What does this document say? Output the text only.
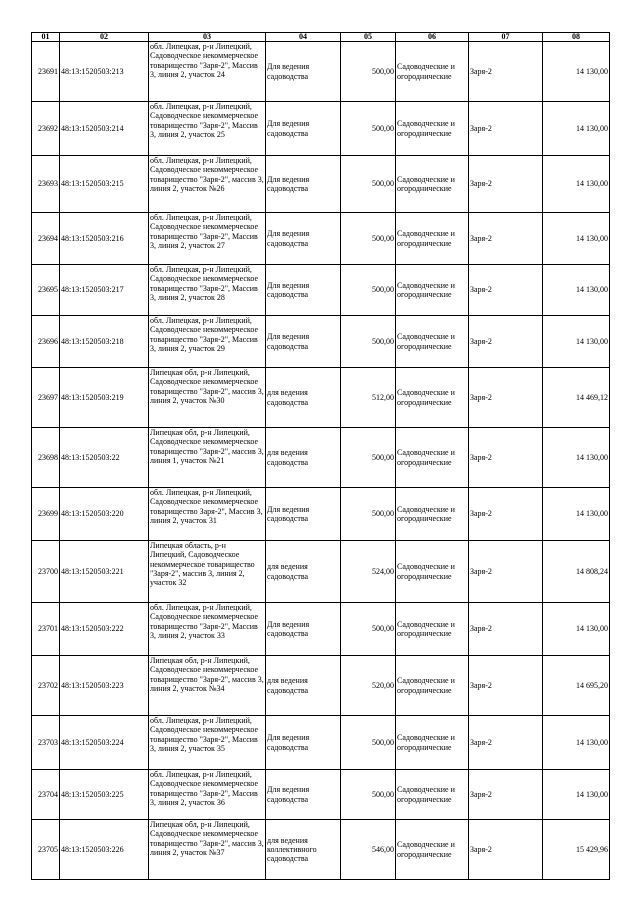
01	02	03	04	05	06	07	08
23691	48:13:1520503:213	обл. Липецкая, р-н Липецкий, Садоводческое некоммерческое товарищество "Заря-2", Массив 3, линия 2, участок 24	Для ведения садоводства	500,00	Садоводческие и огороднические	Заря-2	14 130,00
23692	48:13:1520503:214	обл. Липецкая, р-н Липецкий, Садоводческое некоммерческое товарищество "Заря-2", Массив 3, линия 2, участок 25	Для ведения садоводства	500,00	Садоводческие и огороднические	Заря-2	14 130,00
23693	48:13:1520503:215	обл. Липецкая, р-н Липецкий, Садоводческое некоммерческое товарищество "Заря-2", массив 3, линия 2, участок №26	Для ведения садоводства	500,00	Садоводческие и огороднические	Заря-2	14 130,00
23694	48:13:1520503:216	обл. Липецкая, р-н Липецкий, Садоводческое некоммерческое товарищество "Заря-2", Массив 3, линия 2, участок 27	Для ведения садоводства	500,00	Садоводческие и огороднические	Заря-2	14 130,00
23695	48:13:1520503:217	обл. Липецкая, р-н Липецкий, Садоводческое некоммерческое товарищество "Заря-2", Массив 3, линия 2, участок 28	Для ведения садоводства	500,00	Садоводческие и огороднические	Заря-2	14 130,00
23696	48:13:1520503:218	обл. Липецкая, р-н Липецкий, Садоводческое некоммерческое товарищество "Заря-2", Массив 3, линия 2, участок 29	Для ведения садоводства	500,00	Садоводческие и огороднические	Заря-2	14 130,00
23697	48:13:1520503:219	Липецкая обл, р-н Липецкий, Садоводческое некоммерческое товарищество "Заря-2", массив 3, линия 2, участок №30	для ведения садоводства	512,00	Садоводческие и огороднические	Заря-2	14 469,12
23698	48:13:1520503:22	Липецкая обл, р-н Липецкий, Садоводческое некоммерческое товарищество "Заря-2", массив 3, линия 1, участок №21	для ведения садоводства	500,00	Садоводческие и огороднические	Заря-2	14 130,00
23699	48:13:1520503:220	обл. Липецкая, р-н Липецкий, Садоводческое некоммерческое товарищество Заря-2", Массив 3, линия 2, участок 31	Для ведения садоводства	500,00	Садоводческие и огороднические	Заря-2	14 130,00
23700	48:13:1520503:221	Липецкая область, р-н Липецкий, Садоводческое некоммерческое товарищество "Заря-2", массив 3, линия 2, участок 32	для ведения садоводства	524,00	Садоводческие и огороднические	Заря-2	14 808,24
23701	48:13:1520503:222	обл. Липецкая, р-н Липецкий, Садоводческое некоммерческое товарищество "Заря-2", Массив 3, линия 2, участок 33	Для ведения садоводства	500,00	Садоводческие и огороднические	Заря-2	14 130,00
23702	48:13:1520503:223	Липецкая обл, р-н Липецкий, Садоводческое некоммерческое товарищество "Заря-2", массив 3, линия 2, участок №34	для ведения садоводства	520,00	Садоводческие и огороднические	Заря-2	14 695,20
23703	48:13:1520503:224	обл. Липецкая, р-н Липецкий, Садоводческое некоммерческое товарищество "Заря-2", Массив 3, линия 2, участок 35	Для ведения садоводства	500,00	Садоводческие и огороднические	Заря-2	14 130,00
23704	48:13:1520503:225	обл. Липецкая, р-н Липецкий, Садоводческое некоммерческое товарищество "Заря-2", Массив 3, линия 2, участок 36	Для ведения садоводства	500,00	Садоводческие и огороднические	Заря-2	14 130,00
23705	48:13:1520503:226	Липецкая обл, р-н Липецкий, Садоводческое некоммерческое товарищество "Заря-2", массив 3, линия 2, участок №37	для ведения коллективного садоводства	546,00	Садоводческие и огороднические	Заря-2	15 429,96
